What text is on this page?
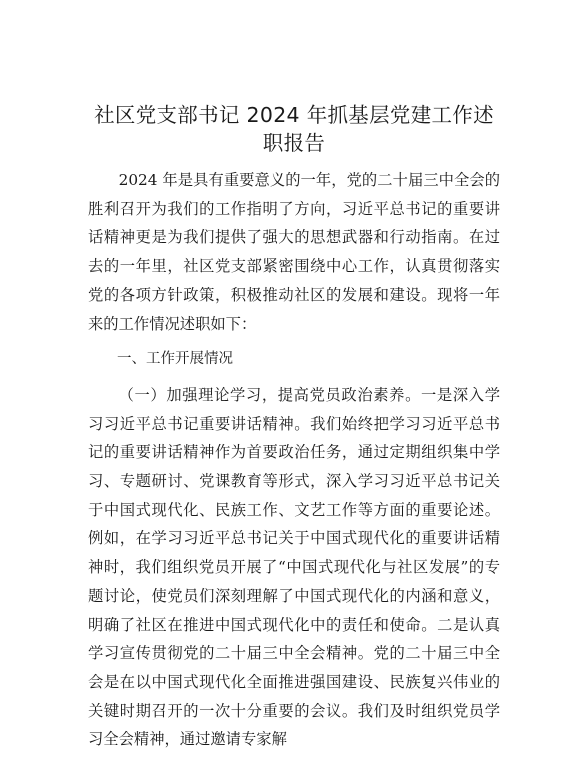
社区党支部书记 2024 年抓基层党建工作述职报告

2024 年是具有重要意义的一年，党的二十届三中全会的胜利召开为我们的工作指明了方向，习近平总书记的重要讲话精神更是为我们提供了强大的思想武器和行动指南。在过去的一年里，社区党支部紧密围绕中心工作，认真贯彻落实党的各项方针政策，积极推动社区的发展和建设。现将一年来的工作情况述职如下：

一、工作开展情况

（一）加强理论学习，提高党员政治素养。一是深入学习习近平总书记重要讲话精神。我们始终把学习习近平总书记的重要讲话精神作为首要政治任务，通过定期组织集中学习、专题研讨、党课教育等形式，深入学习习近平总书记关于中国式现代化、民族工作、文艺工作等方面的重要论述。例如，在学习习近平总书记关于中国式现代化的重要讲话精神时，我们组织党员开展了“中国式现代化与社区发展”的专题讨论，使党员们深刻理解了中国式现代化的内涵和意义，明确了社区在推进中国式现代化中的责任和使命。二是认真学习宣传贯彻党的二十届三中全会精神。党的二十届三中全会是在以中国式现代化全面推进强国建设、民族复兴伟业的关键时期召开的一次十分重要的会议。我们及时组织党员学习全会精神，通过邀请专家解
